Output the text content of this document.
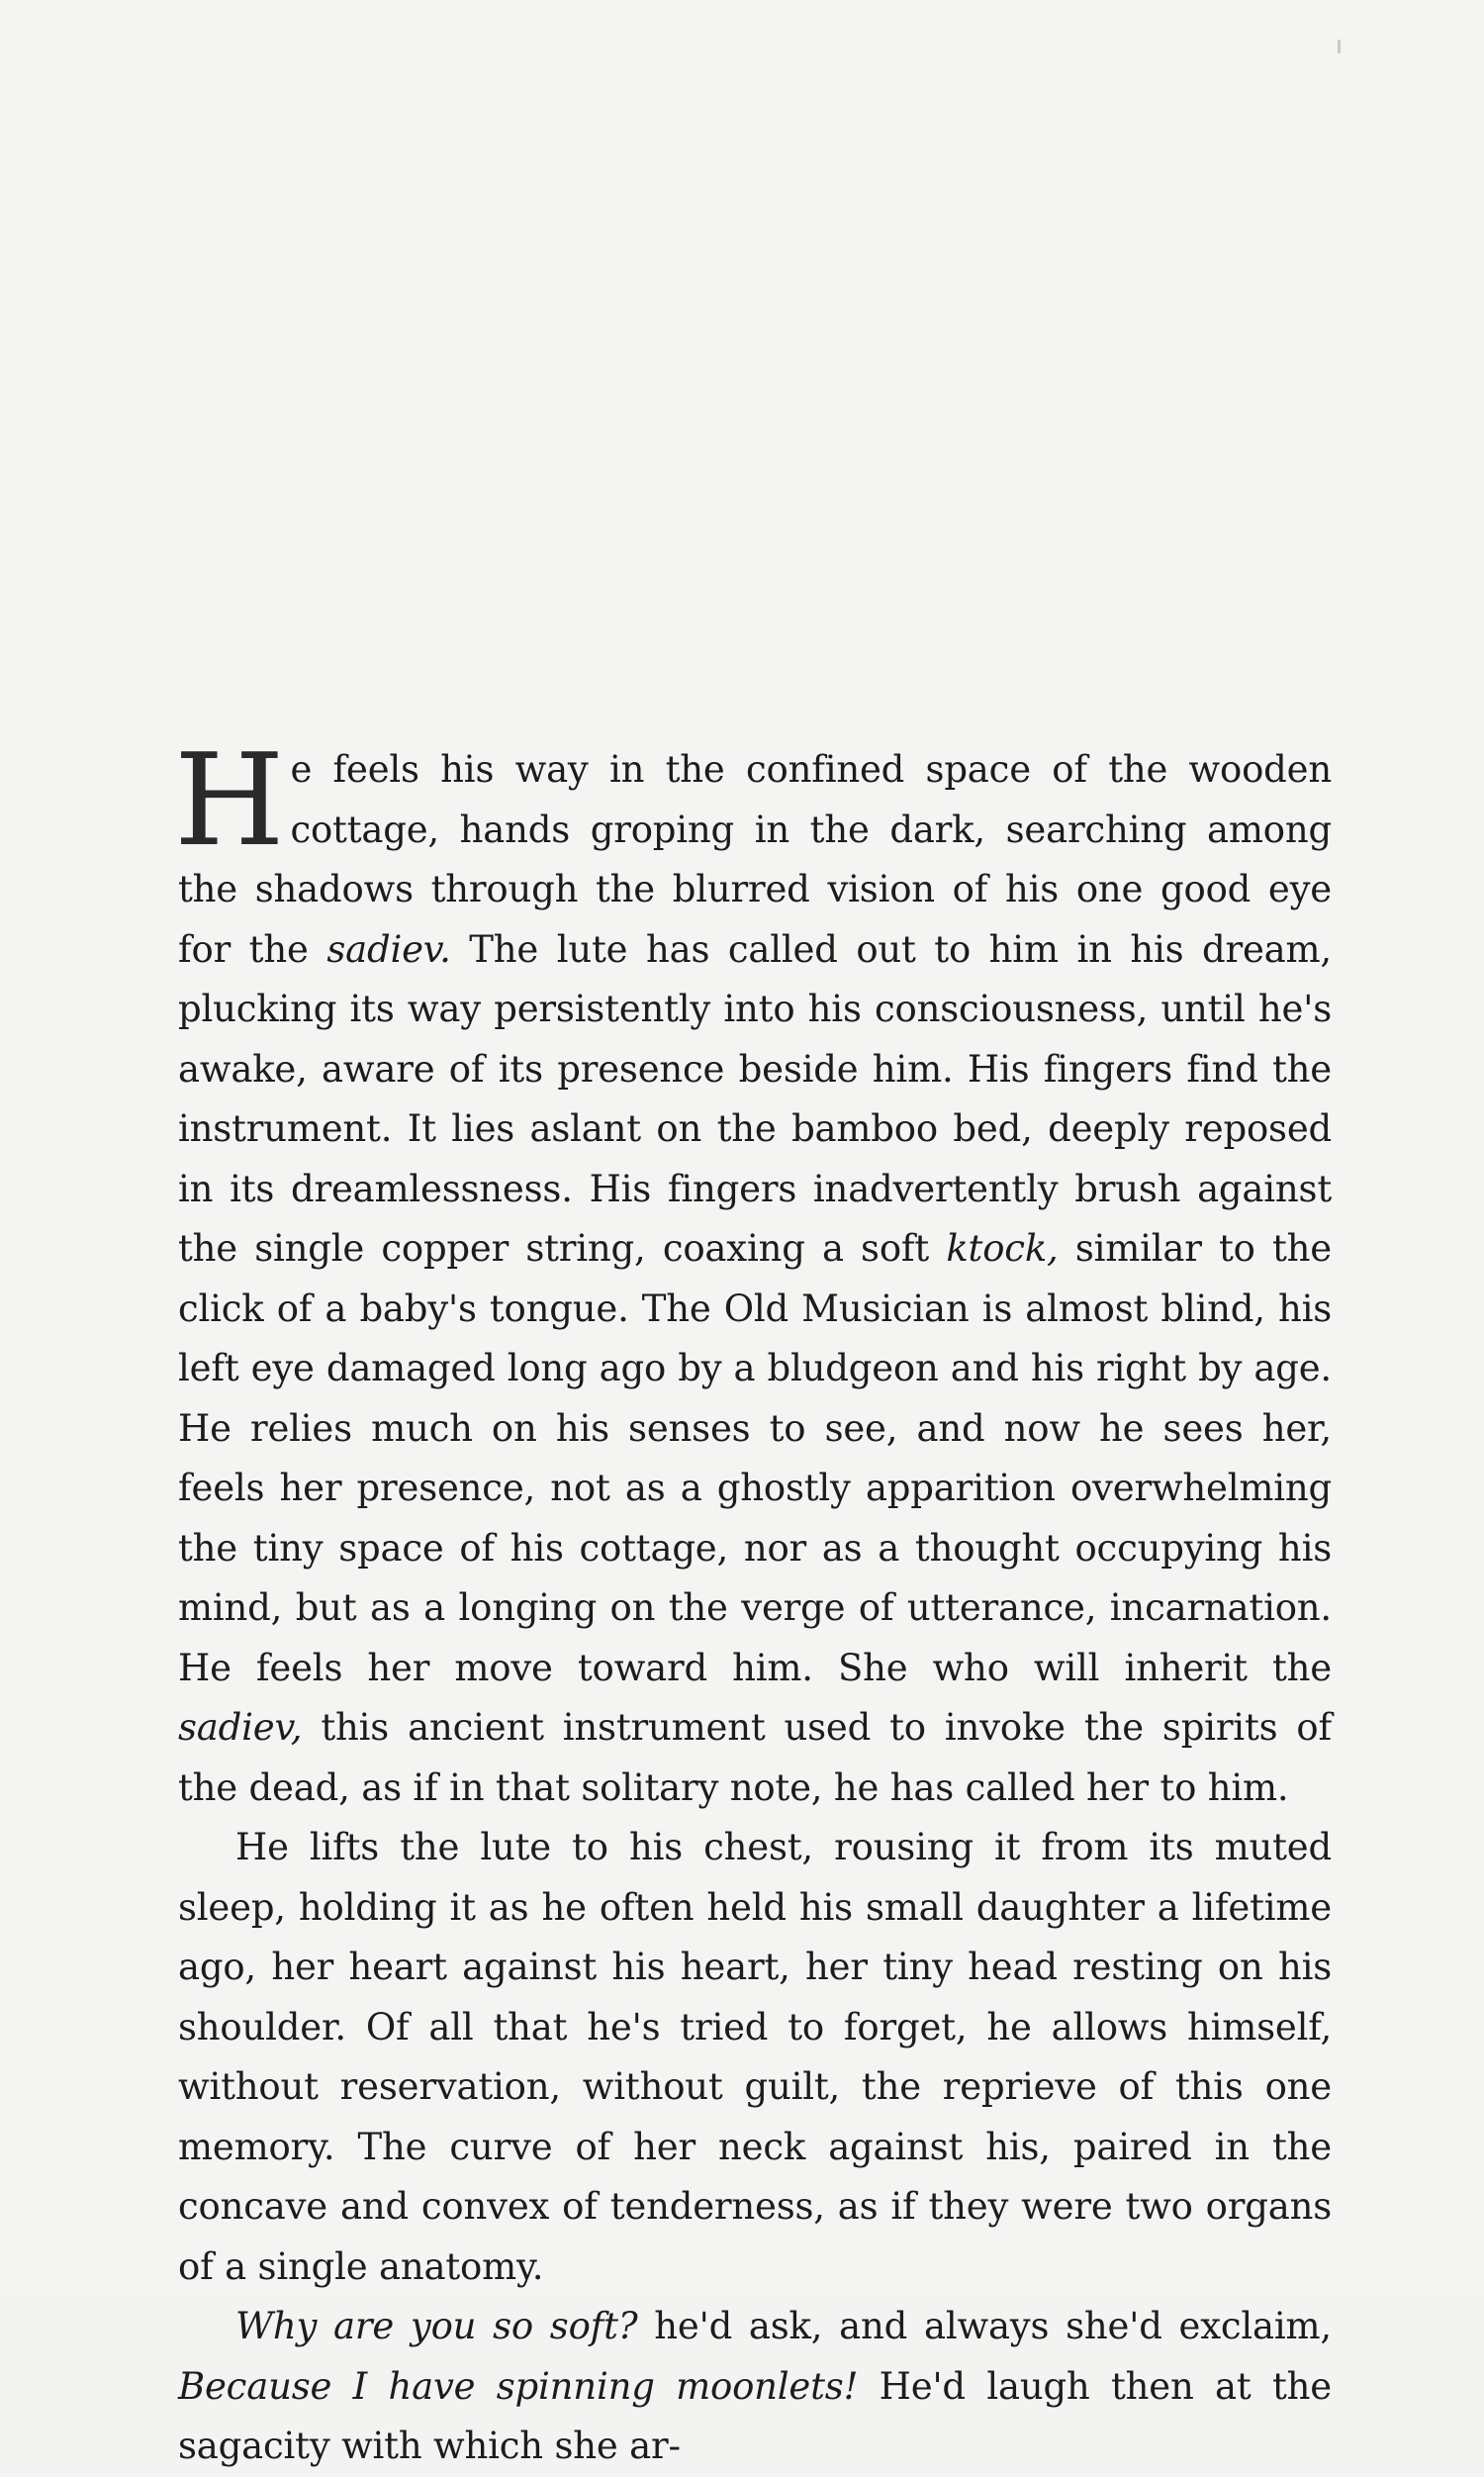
He feels his way in the confined space of the wooden cottage, hands groping in the dark, searching among the shadows through the blurred vision of his one good eye for the sadiev. The lute has called out to him in his dream, plucking its way persistently into his consciousness, until he's awake, aware of its presence beside him. His fingers find the instrument. It lies aslant on the bamboo bed, deeply reposed in its dreamlessness. His fingers inadvertently brush against the single copper string, coaxing a soft ktock, similar to the click of a baby's tongue. The Old Musician is almost blind, his left eye damaged long ago by a bludgeon and his right by age. He relies much on his senses to see, and now he sees her, feels her presence, not as a ghostly apparition overwhelming the tiny space of his cottage, nor as a thought occupying his mind, but as a longing on the verge of utterance, incarnation. He feels her move toward him. She who will inherit the sadiev, this ancient instrument used to invoke the spirits of the dead, as if in that solitary note, he has called her to him.

He lifts the lute to his chest, rousing it from its muted sleep, holding it as he often held his small daughter a lifetime ago, her heart against his heart, her tiny head resting on his shoulder. Of all that he's tried to forget, he allows himself, without reservation, without guilt, the reprieve of this one memory. The curve of her neck against his, paired in the concave and convex of tenderness, as if they were two organs of a single anatomy.

Why are you so soft? he'd ask, and always she'd exclaim, Because I have spinning moonlets! He'd laugh then at the sagacity with which she ar-
